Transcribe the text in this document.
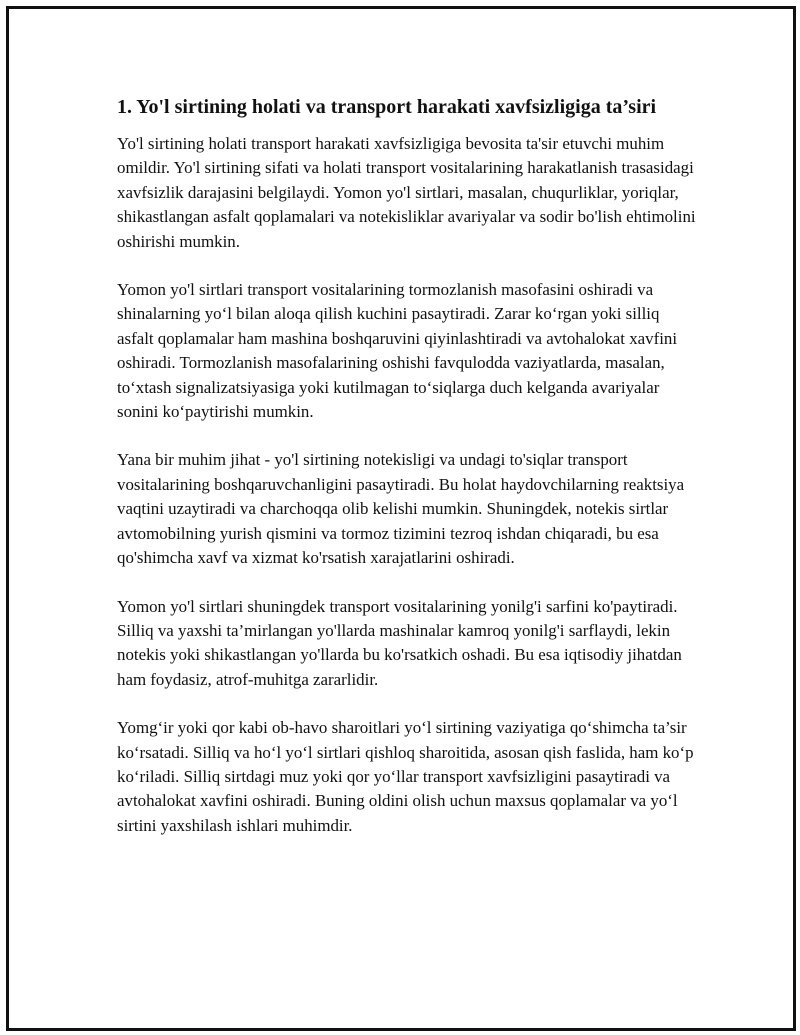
1. Yo'l sirtining holati va transport harakati xavfsizligiga ta’siri

Yo'l sirtining holati transport harakati xavfsizligiga bevosita ta'sir etuvchi muhim omildir. Yo'l sirtining sifati va holati transport vositalarining harakatlanish trasasidagi xavfsizlik darajasini belgilaydi. Yomon yo'l sirtlari, masalan, chuqurliklar, yoriqlar, shikastlangan asfalt qoplamalari va notekisliklar avariyalar va sodir bo'lish ehtimolini oshirishi mumkin.

Yomon yo'l sirtlari transport vositalarining tormozlanish masofasini oshiradi va shinalarning yo‘l bilan aloqa qilish kuchini pasaytiradi. Zarar ko‘rgan yoki silliq asfalt qoplamalar ham mashina boshqaruvini qiyinlashtiradi va avtohalokat xavfini oshiradi. Tormozlanish masofalarining oshishi favqulodda vaziyatlarda, masalan, to‘xtash signalizatsiyasiga yoki kutilmagan to‘siqlarga duch kelganda avariyalar sonini ko‘paytirishi mumkin.

Yana bir muhim jihat - yo'l sirtining notekisligi va undagi to'siqlar transport vositalarining boshqaruvchanligini pasaytiradi. Bu holat haydovchilarning reaktsiya vaqtini uzaytiradi va charchoqqa olib kelishi mumkin. Shuningdek, notekis sirtlar avtomobilning yurish qismini va tormoz tizimini tezroq ishdan chiqaradi, bu esa qo'shimcha xavf va xizmat ko'rsatish xarajatlarini oshiradi.

Yomon yo'l sirtlari shuningdek transport vositalarining yonilg'i sarfini ko'paytiradi. Silliq va yaxshi ta’mirlangan yo'llarda mashinalar kamroq yonilg'i sarflaydi, lekin notekis yoki shikastlangan yo'llarda bu ko'rsatkich oshadi. Bu esa iqtisodiy jihatdan ham foydasiz, atrof-muhitga zararlidir.

Yomg‘ir yoki qor kabi ob-havo sharoitlari yo‘l sirtining vaziyatiga qo‘shimcha ta’sir ko‘rsatadi. Silliq va ho‘l yo‘l sirtlari qishloq sharoitida, asosan qish faslida, ham ko‘p ko‘riladi. Silliq sirtdagi muz yoki qor yo‘llar transport xavfsizligini pasaytiradi va avtohalokat xavfini oshiradi. Buning oldini olish uchun maxsus qoplamalar va yo‘l sirtini yaxshilash ishlari muhimdir.
